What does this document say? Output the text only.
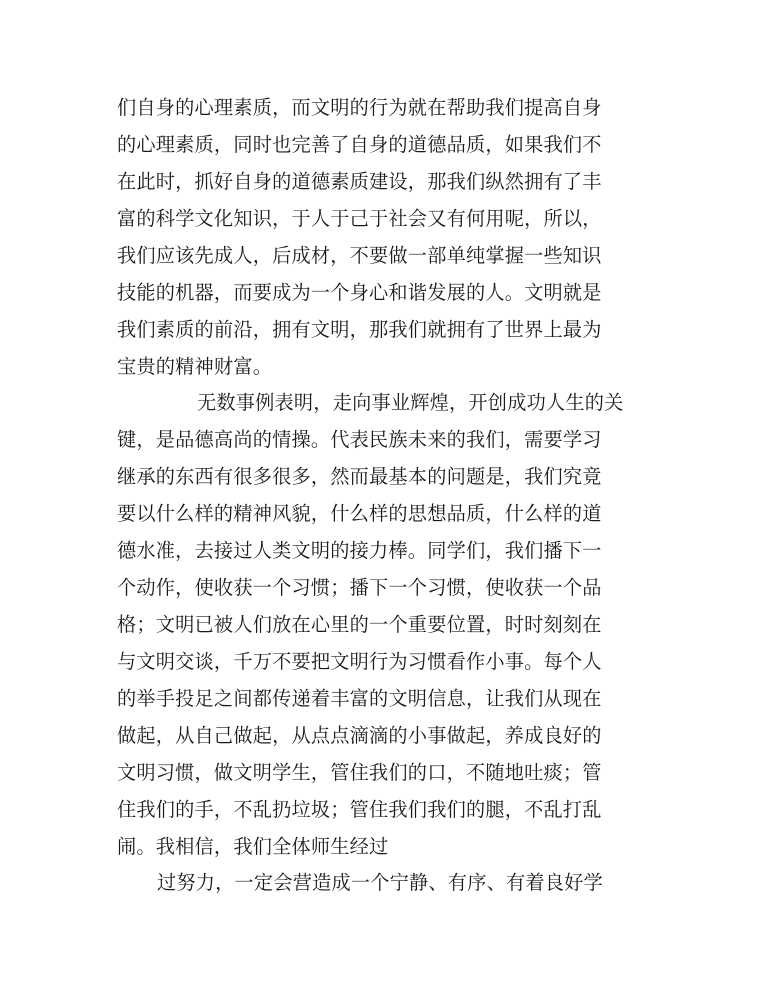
们自身的心理素质，而文明的行为就在帮助我们提高自身
的心理素质，同时也完善了自身的道德品质，如果我们不
在此时，抓好自身的道德素质建设，那我们纵然拥有了丰
富的科学文化知识，于人于己于社会又有何用呢，所以，
我们应该先成人，后成材，不要做一部单纯掌握一些知识
技能的机器，而要成为一个身心和谐发展的人。文明就是
我们素质的前沿，拥有文明，那我们就拥有了世界上最为
宝贵的精神财富。
无数事例表明，走向事业辉煌，开创成功人生的关
键，是品德高尚的情操。代表民族未来的我们，需要学习
继承的东西有很多很多，然而最基本的问题是，我们究竟
要以什么样的精神风貌，什么样的思想品质，什么样的道
德水准，去接过人类文明的接力棒。同学们，我们播下一
个动作，使收获一个习惯；播下一个习惯，使收获一个品
格；文明已被人们放在心里的一个重要位置，时时刻刻在
与文明交谈，千万不要把文明行为习惯看作小事。每个人
的举手投足之间都传递着丰富的文明信息，让我们从现在
做起，从自己做起，从点点滴滴的小事做起，养成良好的
文明习惯，做文明学生，管住我们的口，不随地吐痰；管
住我们的手，不乱扔垃圾；管住我们我们的腿，不乱打乱
闹。我相信，我们全体师生经过
过努力，一定会营造成一个宁静、有序、有着良好学
